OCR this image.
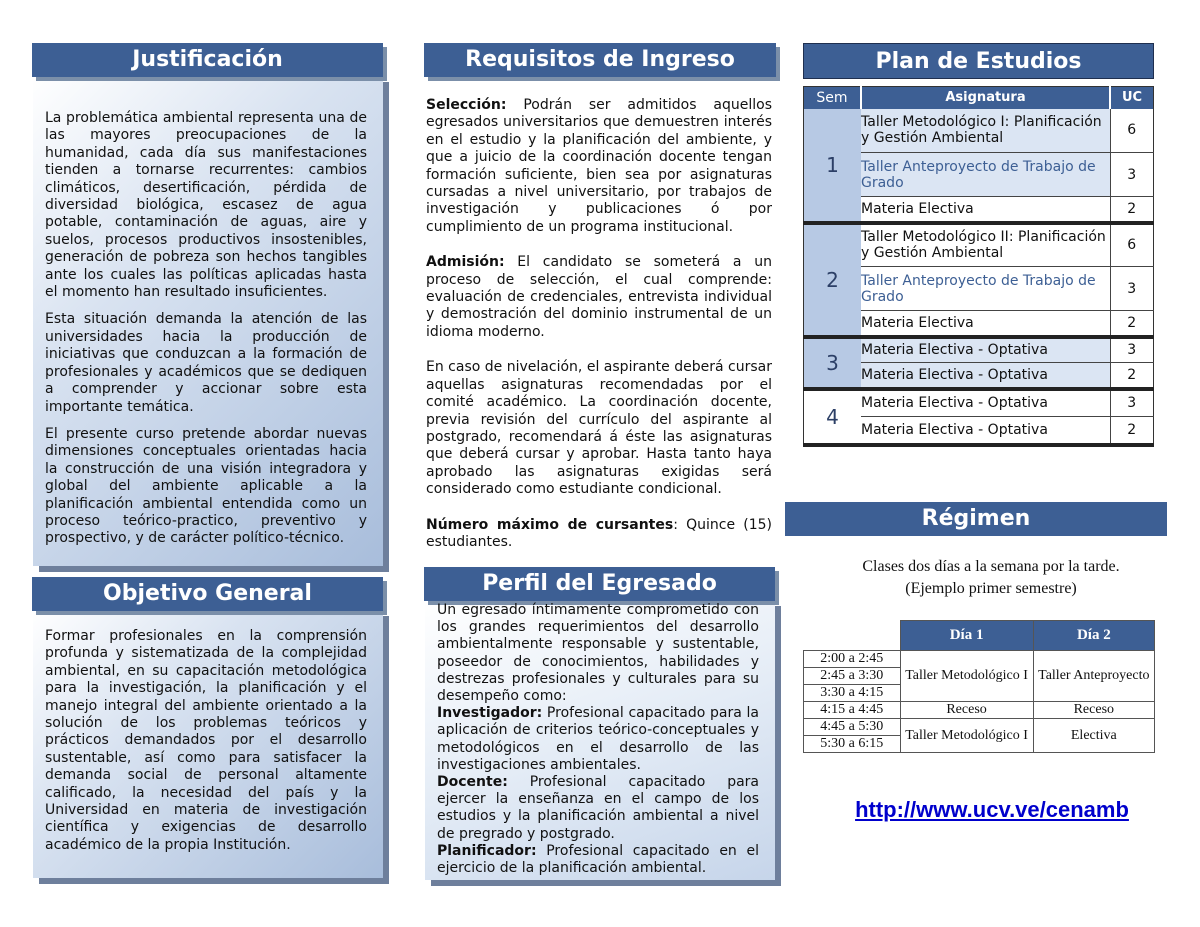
Justificación

La problemática ambiental representa una de las mayores preocupaciones de la humanidad, cada día sus manifestaciones tienden a tornarse recurrentes: cambios climáticos, desertificación, pérdida de diversidad biológica, escasez de agua potable, contaminación de aguas, aire y suelos, procesos productivos insostenibles, generación de pobreza son hechos tangibles ante los cuales las políticas aplicadas hasta el momento han resultado insuficientes.

Esta situación demanda la atención de las universidades hacia la producción de iniciativas que conduzcan a la formación de profesionales y académicos que se dediquen a comprender y accionar sobre esta importante temática.

El presente curso pretende abordar nuevas dimensiones conceptuales orientadas hacia la construcción de una visión integradora y global del ambiente aplicable a la planificación ambiental entendida como un proceso teórico-practico, preventivo y prospectivo, y de carácter político-técnico.

Objetivo General
Formar profesionales en la comprensión profunda y sistematizada de la complejidad ambiental, en su capacitación metodológica para la investigación, la planificación y el manejo integral del ambiente orientado a la solución de los problemas teóricos y prácticos demandados por el desarrollo sustentable, así como para satisfacer la demanda social de personal altamente calificado, la necesidad del país y la Universidad en materia de investigación científica y exigencias de desarrollo académico de la propia Institución.
Requisitos de Ingreso

Selección: Podrán ser admitidos aquellos egresados universitarios que demuestren interés en el estudio y la planificación del ambiente, y que a juicio de la coordinación docente tengan formación suficiente, bien sea por asignaturas cursadas a nivel universitario, por trabajos de investigación y publicaciones ó por cumplimiento de un programa institucional.

Admisión: El candidato se someterá a un proceso de selección, el cual comprende: evaluación de credenciales, entrevista individual y demostración del dominio instrumental de un idioma moderno.

En caso de nivelación, el aspirante deberá cursar aquellas asignaturas recomendadas por el comité académico. La coordinación docente, previa revisión del currículo del aspirante al postgrado, recomendará á éste las asignaturas que deberá cursar y aprobar. Hasta tanto haya aprobado las asignaturas exigidas será considerado como estudiante condicional.

Número máximo de cursantes: Quince (15) estudiantes.

Perfil del Egresado
Un egresado íntimamente comprometido con los grandes requerimientos del desarrollo ambientalmente responsable y sustentable, poseedor de conocimientos, habilidades y destrezas profesionales y culturales para su desempeño como:
Investigador: Profesional capacitado para la aplicación de criterios teórico-conceptuales y metodológicos en el desarrollo de las investigaciones ambientales.
Docente: Profesional capacitado para ejercer la enseñanza en el campo de los estudios y la planificación ambiental a nivel de pregrado y postgrado.
Planificador: Profesional capacitado en el ejercicio de la planificación ambiental.
Plan de Estudios
Sem	Asignatura	UC
1	Taller Metodológico I: Planificación y Gestión Ambiental	6
	Taller Anteproyecto de Trabajo de Grado	3
	Materia Electiva	2
2	Taller Metodológico II: Planificación y Gestión Ambiental	6
	Taller Anteproyecto de Trabajo de Grado	3
	Materia Electiva	2
3	Materia Electiva - Optativa	3
	Materia Electiva - Optativa	2
4	Materia Electiva - Optativa	3
	Materia Electiva - Optativa	2
Régimen
Clases dos días a la semana por la tarde.
(Ejemplo primer semestre)
	Día 1	Día 2
2:00 a 2:45	Taller Metodológico I	Taller Anteproyecto
2:45 a 3:30		
3:30 a 4:15		
4:15 a 4:45	Receso	Receso
4:45 a 5:30	Taller Metodológico I	Electiva
5:30 a 6:15		
http://www.ucv.ve/cenamb
